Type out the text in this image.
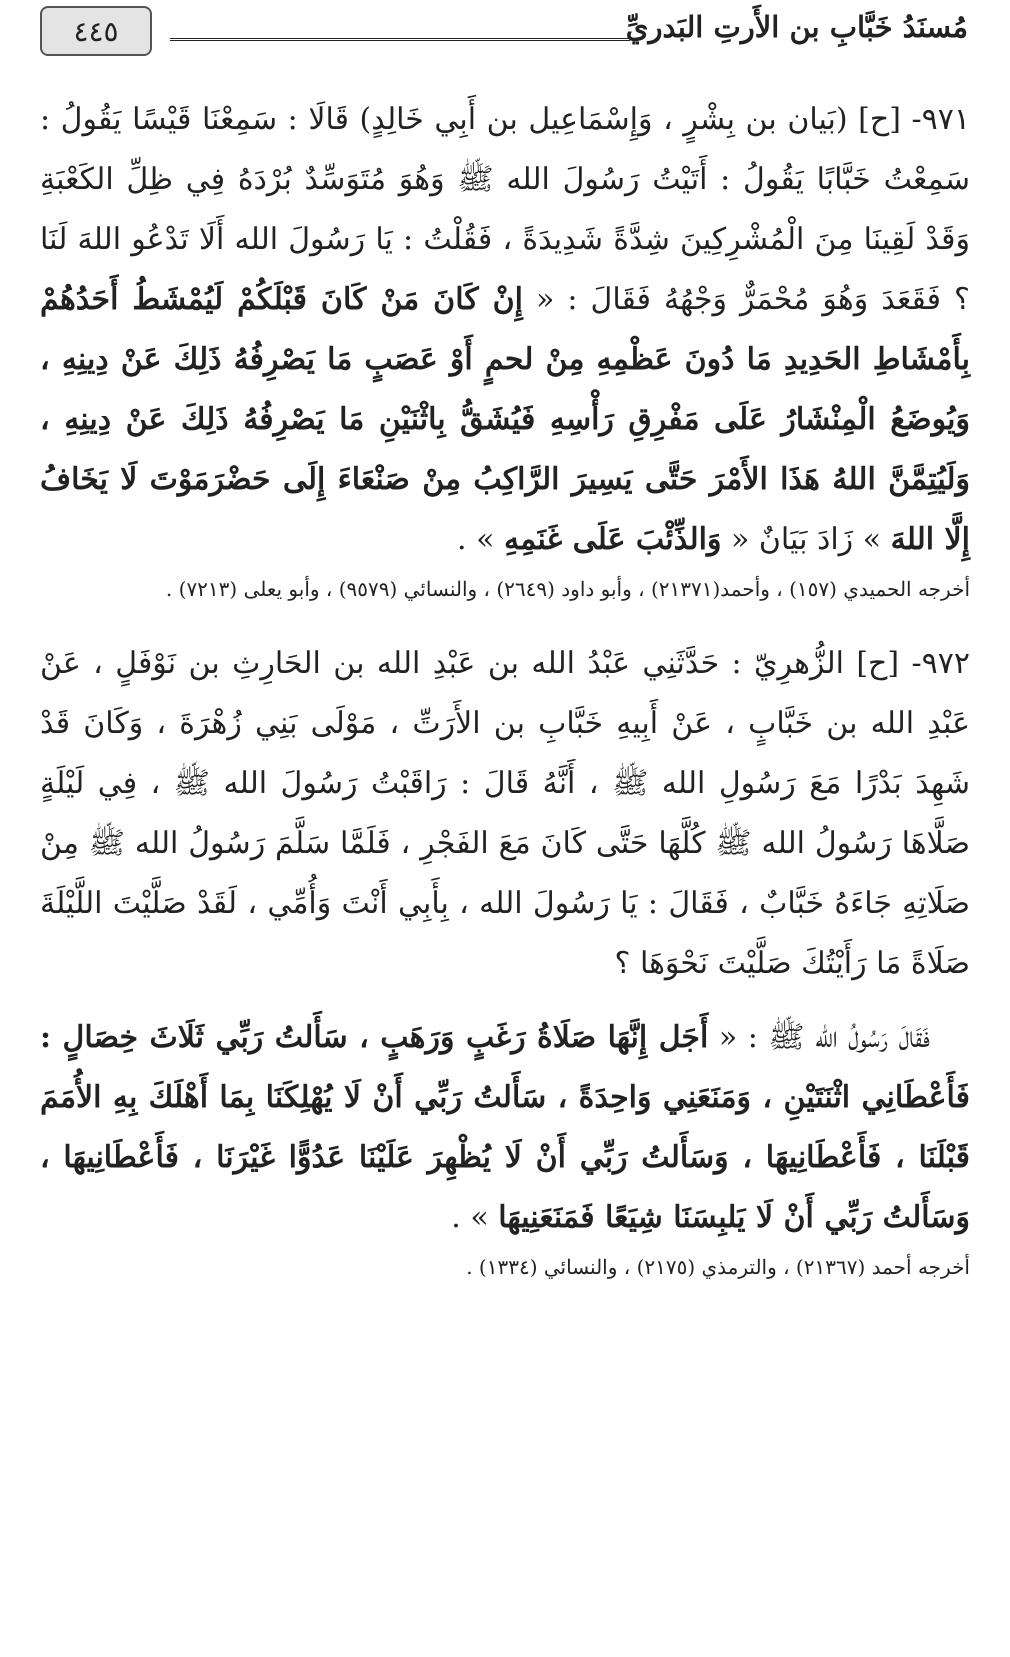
٤٤٥	مُسنَدُ خَبَّابِ بن الأَرتِ البَدريِّ

٩٧١- [ح] (بَيان بن بِشْرٍ ، وَإِسْمَاعِيل بن أَبِي خَالِدٍ) قَالَا : سَمِعْنَا قَيْسًا يَقُولُ : سَمِعْتُ خَبَّابًا يَقُولُ : أَتَيْتُ رَسُولَ الله ﷺ وَهُوَ مُتَوَسِّدٌ بُرْدَهُ فِي ظِلِّ الكَعْبَةِ وَقَدْ لَقِينَا مِنَ الْمُشْرِكِينَ شِدَّةً شَدِيدَةً ، فَقُلْتُ : يَا رَسُولَ الله أَلَا تَدْعُو اللهَ لَنَا ؟ فَقَعَدَ وَهُوَ مُحْمَرٌّ وَجْهُهُ فَقَالَ : « إِنْ كَانَ مَنْ كَانَ قَبْلَكُمْ لَيُمْشَطُ أَحَدُهُمْ بِأَمْشَاطِ الحَدِيدِ مَا دُونَ عَظْمِهِ مِنْ لحمٍ أَوْ عَصَبٍ مَا يَصْرِفُهُ ذَلِكَ عَنْ دِينِهِ ، وَيُوضَعُ الْمِنْشَارُ عَلَى مَفْرِقِ رَأْسِهِ فَيُشَقُّ بِاثْنَيْنِ مَا يَصْرِفُهُ ذَلِكَ عَنْ دِينِهِ ، وَلَيُتِمَّنَّ اللهُ هَذَا الأَمْرَ حَتَّى يَسِيرَ الرَّاكِبُ مِنْ صَنْعَاءَ إِلَى حَضْرَمَوْتَ لَا يَخَافُ إِلَّا اللهَ » زَادَ بَيَانٌ « وَالذِّئْبَ عَلَى غَنَمِهِ » .

أخرجه الحميدي (١٥٧) ، وأحمد(٢١٣٧١) ، وأبو داود (٢٦٤٩) ، والنسائي (٩٥٧٩) ، وأبو يعلى (٧٢١٣) .

٩٧٢- [ح] الزُّهرِيّ : حَدَّثَنِي عَبْدُ الله بن عَبْدِ الله بن الحَارِثِ بن نَوْفَلٍ ، عَنْ عَبْدِ الله بن خَبَّابٍ ، عَنْ أَبِيهِ خَبَّابِ بن الأَرَتِّ ، مَوْلَى بَنِي زُهْرَةَ ، وَكَانَ قَدْ شَهِدَ بَدْرًا مَعَ رَسُولِ الله ﷺ ، أَنَّهُ قَالَ : رَاقَبْتُ رَسُولَ الله ﷺ ، فِي لَيْلَةٍ صَلَّاهَا رَسُولُ الله ﷺ كُلَّهَا حَتَّى كَانَ مَعَ الفَجْرِ ، فَلَمَّا سَلَّمَ رَسُولُ الله ﷺ مِنْ صَلَاتِهِ جَاءَهُ خَبَّابٌ ، فَقَالَ : يَا رَسُولَ الله ، بِأَبِي أَنْتَ وَأُمِّي ، لَقَدْ صَلَّيْتَ اللَّيْلَةَ صَلَاةً مَا رَأَيْتُكَ صَلَّيْتَ نَحْوَهَا ؟

فَقَالَ رَسُولُ الله ﷺ : « أَجَل إِنَّهَا صَلَاةُ رَغَبٍ وَرَهَبٍ ، سَأَلتُ رَبِّي ثَلَاثَ خِصَالٍ : فَأَعْطَانِي اثْنَتَيْنِ ، وَمَنَعَنِي وَاحِدَةً ، سَأَلتُ رَبِّي أَنْ لَا يُهْلِكَنَا بِمَا أَهْلَكَ بِهِ الأُمَمَ قَبْلَنَا ، فَأَعْطَانِيهَا ، وَسَأَلتُ رَبِّي أَنْ لَا يُظْهِرَ عَلَيْنَا عَدُوًّا غَيْرَنَا ، فَأَعْطَانِيهَا ، وَسَأَلتُ رَبِّي أَنْ لَا يَلبِسَنَا شِيَعًا فَمَنَعَنِيهَا » .

أخرجه أحمد (٢١٣٦٧) ، والترمذي (٢١٧٥) ، والنسائي (١٣٣٤) .
